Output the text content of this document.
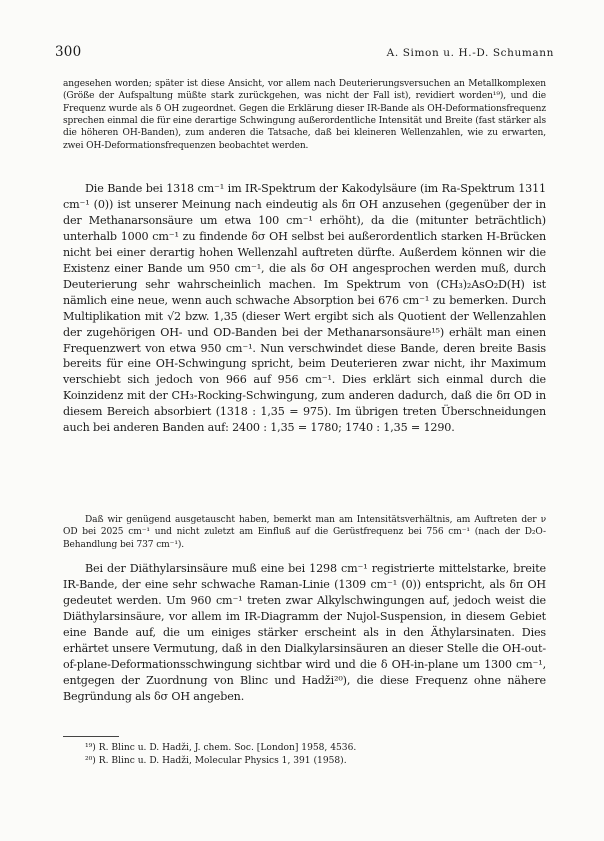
300	A. Simon u. H.-D. Schumann

angesehen worden; später ist diese Ansicht, vor allem nach Deuterierungsversuchen an Metallkomplexen (Größe der Aufspaltung müßte stark zurückgehen, was nicht der Fall ist), revidiert worden¹⁹), und die Frequenz wurde als δ OH zugeordnet. Gegen die Erklärung dieser IR-Bande als OH-Deformationsfrequenz sprechen einmal die für eine derartige Schwingung außerordentliche Intensität und Breite (fast stärker als die höheren OH-Banden), zum anderen die Tatsache, daß bei kleineren Wellenzahlen, wie zu erwarten, zwei OH-Deformationsfrequenzen beobachtet werden.

Die Bande bei 1318 cm⁻¹ im IR-Spektrum der Kakodylsäure (im Ra-Spektrum 1311 cm⁻¹ (0)) ist unserer Meinung nach eindeutig als δπ OH anzusehen (gegenüber der in der Methanarsonsäure um etwa 100 cm⁻¹ erhöht), da die (mitunter beträchtlich) unterhalb 1000 cm⁻¹ zu findende δσ OH selbst bei außerordentlich starken H-Brücken nicht bei einer derartig hohen Wellenzahl auftreten dürfte. Außerdem können wir die Existenz einer Bande um 950 cm⁻¹, die als δσ OH angesprochen werden muß, durch Deuterierung sehr wahrscheinlich machen. Im Spektrum von (CH₃)₂AsO₂D(H) ist nämlich eine neue, wenn auch schwache Absorption bei 676 cm⁻¹ zu bemerken. Durch Multiplikation mit √2 bzw. 1,35 (dieser Wert ergibt sich als Quotient der Wellenzahlen der zugehörigen OH- und OD-Banden bei der Methanarsonsäure¹⁵) erhält man einen Frequenzwert von etwa 950 cm⁻¹. Nun verschwindet diese Bande, deren breite Basis bereits für eine OH-Schwingung spricht, beim Deuterieren zwar nicht, ihr Maximum verschiebt sich jedoch von 966 auf 956 cm⁻¹. Dies erklärt sich einmal durch die Koinzidenz mit der CH₃-Rocking-Schwingung, zum anderen dadurch, daß die δπ OD in diesem Bereich absorbiert (1318 : 1,35 = 975). Im übrigen treten Überschneidungen auch bei anderen Banden auf: 2400 : 1,35 = 1780; 1740 : 1,35 = 1290.

Daß wir genügend ausgetauscht haben, bemerkt man am Intensitätsverhältnis, am Auftreten der ν OD bei 2025 cm⁻¹ und nicht zuletzt am Einfluß auf die Gerüstfrequenz bei 756 cm⁻¹ (nach der D₂O-Behandlung bei 737 cm⁻¹).

Bei der Diäthylarsinsäure muß eine bei 1298 cm⁻¹ registrierte mittelstarke, breite IR-Bande, der eine sehr schwache Raman-Linie (1309 cm⁻¹ (0)) entspricht, als δπ OH gedeutet werden. Um 960 cm⁻¹ treten zwar Alkylschwingungen auf, jedoch weist die Diäthylarsinsäure, vor allem im IR-Diagramm der Nujol-Suspension, in diesem Gebiet eine Bande auf, die um einiges stärker erscheint als in den Äthylarsinaten. Dies erhärtet unsere Vermutung, daß in den Dialkylarsinsäuren an dieser Stelle die OH-out-of-plane-Deformationsschwingung sichtbar wird und die δ OH-in-plane um 1300 cm⁻¹, entgegen der Zuordnung von Blinc und Hadži²⁰), die diese Frequenz ohne nähere Begründung als δσ OH angeben.

¹⁹) R. Blinc u. D. Hadži, J. chem. Soc. [London] 1958, 4536.

²⁰) R. Blinc u. D. Hadži, Molecular Physics 1, 391 (1958).
